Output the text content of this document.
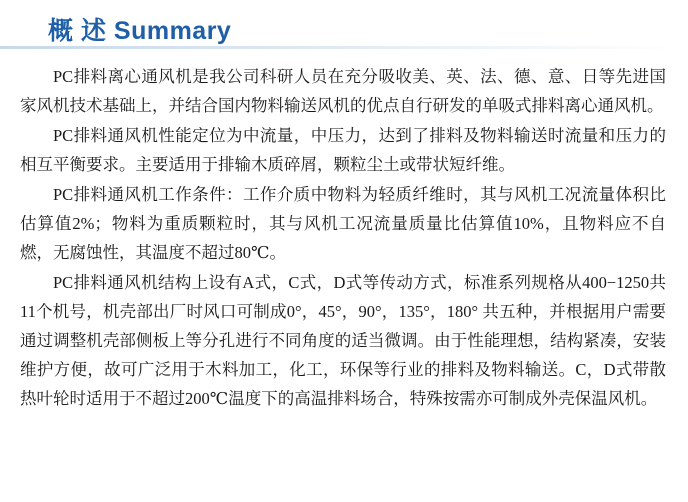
概 述 Summary

PC排料离心通风机是我公司科研人员在充分吸收美、英、法、德、意、日等先进国家风机技术基础上，并结合国内物料输送风机的优点自行研发的单吸式排料离心通风机。

PC排料通风机性能定位为中流量，中压力，达到了排料及物料输送时流量和压力的相互平衡要求。主要适用于排输木质碎屑，颗粒尘土或带状短纤维。

PC排料通风机工作条件：工作介质中物料为轻质纤维时，其与风机工况流量体积比估算值2%；物料为重质颗粒时，其与风机工况流量质量比估算值10%，且物料应不自燃，无腐蚀性，其温度不超过80℃。

PC排料通风机结构上设有A式，C式，D式等传动方式，标准系列规格从400−1250共11个机号，机壳部出厂时风口可制成0°，45°，90°，135°，180° 共五种，并根据用户需要通过调整机壳部侧板上等分孔进行不同角度的适当微调。由于性能理想，结构紧凑，安装维护方便，故可广泛用于木料加工，化工，环保等行业的排料及物料输送。C，D式带散热叶轮时适用于不超过200℃温度下的高温排料场合，特殊按需亦可制成外壳保温风机。
